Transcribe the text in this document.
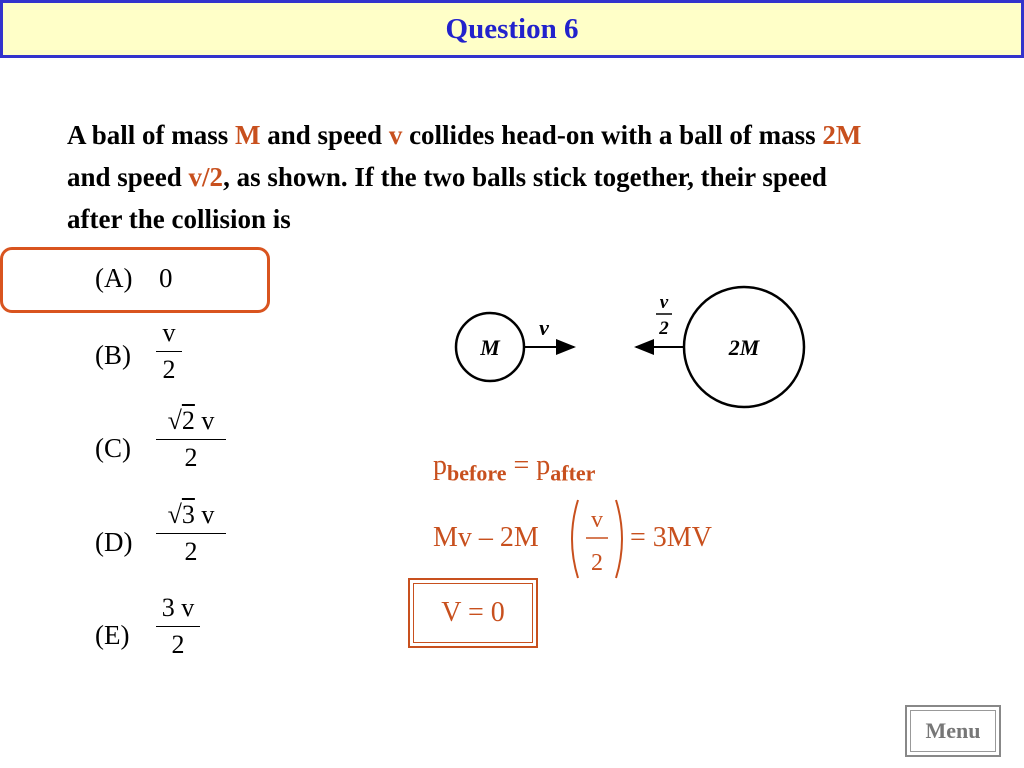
Question 6
A ball of mass M and speed v collides head-on with a ball of mass 2M and speed v/2, as shown. If the two balls stick together, their speed after the collision is
(A) 0
(B)
v
2
(C)
√2 v
2
(D)
√3 v
2
(E)
3 v
2
M
v
2M
v
2
$p_{before} = p_{after}$
Mv – 2M
v
2
= 3MV
V = 0
Menu
